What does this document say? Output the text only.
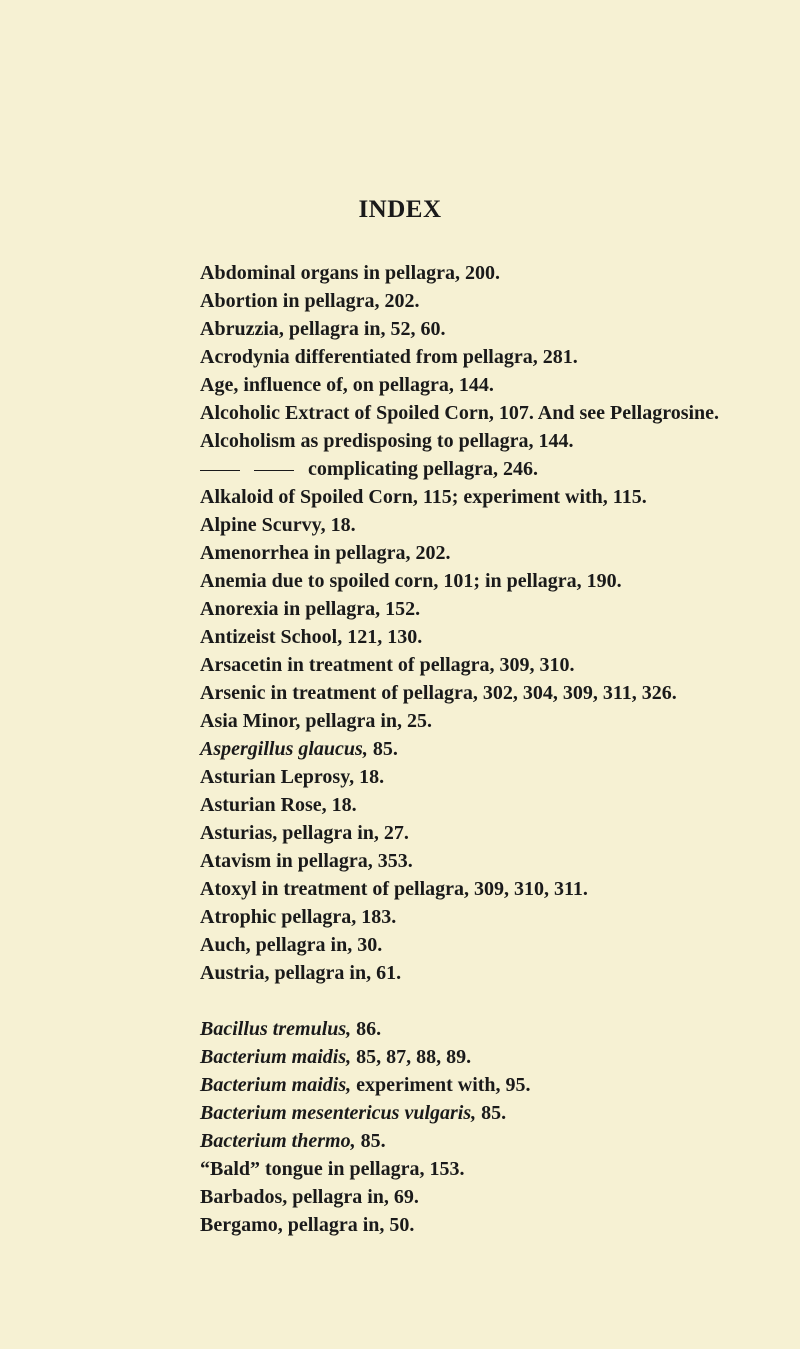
INDEX
Abdominal organs in pellagra, 200.
Abortion in pellagra, 202.
Abruzzia, pellagra in, 52, 60.
Acrodynia differentiated from pellagra, 281.
Age, influence of, on pellagra, 144.
Alcoholic Extract of Spoiled Corn, 107. And see Pellagrosine.
Alcoholism as predisposing to pellagra, 144.
complicating pellagra, 246.
Alkaloid of Spoiled Corn, 115; experiment with, 115.
Alpine Scurvy, 18.
Amenorrhea in pellagra, 202.
Anemia due to spoiled corn, 101; in pellagra, 190.
Anorexia in pellagra, 152.
Antizeist School, 121, 130.
Arsacetin in treatment of pellagra, 309, 310.
Arsenic in treatment of pellagra, 302, 304, 309, 311, 326.
Asia Minor, pellagra in, 25.
Aspergillus glaucus, 85.
Asturian Leprosy, 18.
Asturian Rose, 18.
Asturias, pellagra in, 27.
Atavism in pellagra, 353.
Atoxyl in treatment of pellagra, 309, 310, 311.
Atrophic pellagra, 183.
Auch, pellagra in, 30.
Austria, pellagra in, 61.
Bacillus tremulus, 86.
Bacterium maidis, 85, 87, 88, 89.
Bacterium maidis, experiment with, 95.
Bacterium mesentericus vulgaris, 85.
Bacterium thermo, 85.
“Bald” tongue in pellagra, 153.
Barbados, pellagra in, 69.
Bergamo, pellagra in, 50.
